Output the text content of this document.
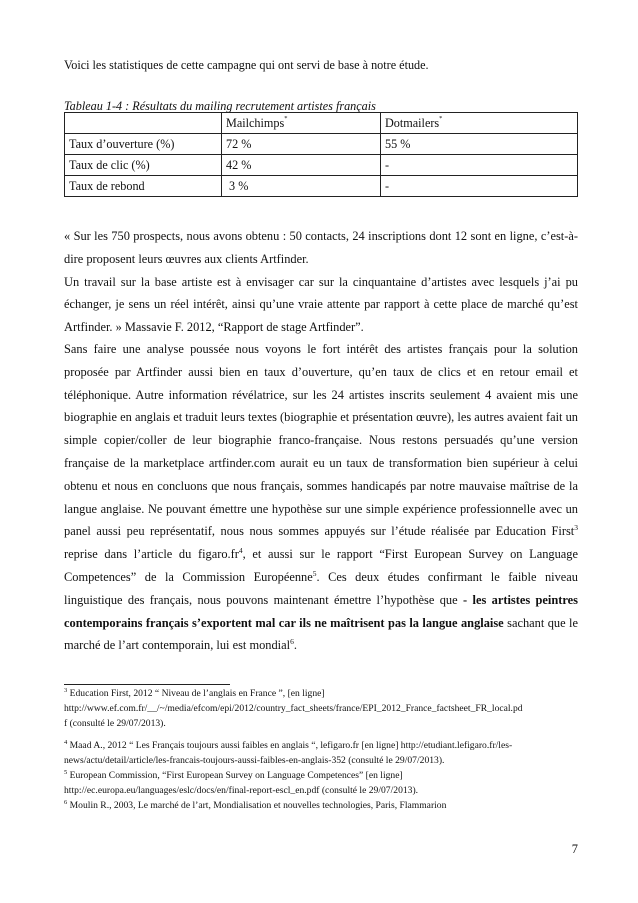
Voici les statistiques de cette campagne qui ont servi de base à notre étude.
Tableau 1-4 : Résultats du mailing recrutement artistes français
	Mailchimps*	Dotmailers*
Taux d’ouverture (%)	72 %	55 %
Taux de clic (%)	42 %	-
Taux de rebond	3 %	-

« Sur les 750 prospects, nous avons obtenu : 50 contacts, 24 inscriptions dont 12 sont en ligne, c’est-à-dire proposent leurs œuvres aux clients Artfinder.

Un travail sur la base artiste est à envisager car sur la cinquantaine d’artistes avec lesquels j’ai pu échanger, je sens un réel intérêt, ainsi qu’une vraie attente par rapport à cette place de marché qu’est Artfinder. » Massavie F. 2012, “Rapport de stage Artfinder”.

Sans faire une analyse poussée nous voyons le fort intérêt des artistes français pour la solution proposée par Artfinder aussi bien en taux d’ouverture, qu’en taux de clics et en retour email et téléphonique. Autre information révélatrice, sur les 24 artistes inscrits seulement 4 avaient mis une biographie en anglais et traduit leurs textes (biographie et présentation œuvre), les autres avaient fait un simple copier/coller de leur biographie franco-française. Nous restons persuadés qu’une version française de la marketplace artfinder.com aurait eu un taux de transformation bien supérieur à celui obtenu et nous en concluons que nous français, sommes handicapés par notre mauvaise maîtrise de la langue anglaise. Ne pouvant émettre une hypothèse sur une simple expérience professionnelle avec un panel aussi peu représentatif, nous nous sommes appuyés sur l’étude réalisée par Education First$^3$ reprise dans l’article du $figaro.fr^4$, et aussi sur le rapport “First European Survey on Language Competences” de la Commission Européenne$^5$. Ces deux études confirmant le faible niveau linguistique des français, nous pouvons maintenant émettre l’hypothèse que - les artistes peintres contemporains français s’exportent mal car ils ne maîtrisent pas la langue anglaise sachant que le marché de l’art contemporain, lui est mondial$^6$.

$^3$ Education First, 2012 “ Niveau de l’anglais en France ”, [en ligne]
http://www.ef.com.fr/__/~/media/efcom/epi/2012/country_fact_sheets/france/EPI_2012_France_factsheet_FR_local.pd
f (consulté le 29/07/2013).
$^4$ Maad A., 2012 “ Les Français toujours aussi faibles en anglais “, lefigaro.fr [en ligne] http://etudiant.lefigaro.fr/les-
news/actu/detail/article/les-francais-toujours-aussi-faibles-en-anglais-352 (consulté le 29/07/2013).
$^5$ European Commission, “First European Survey on Language Competences” [en ligne]
http://ec.europa.eu/languages/eslc/docs/en/final-report-escl_en.pdf (consulté le 29/07/2013).
$^6$ Moulin R., 2003, Le marché de l’art, Mondialisation et nouvelles technologies, Paris, Flammarion
7
